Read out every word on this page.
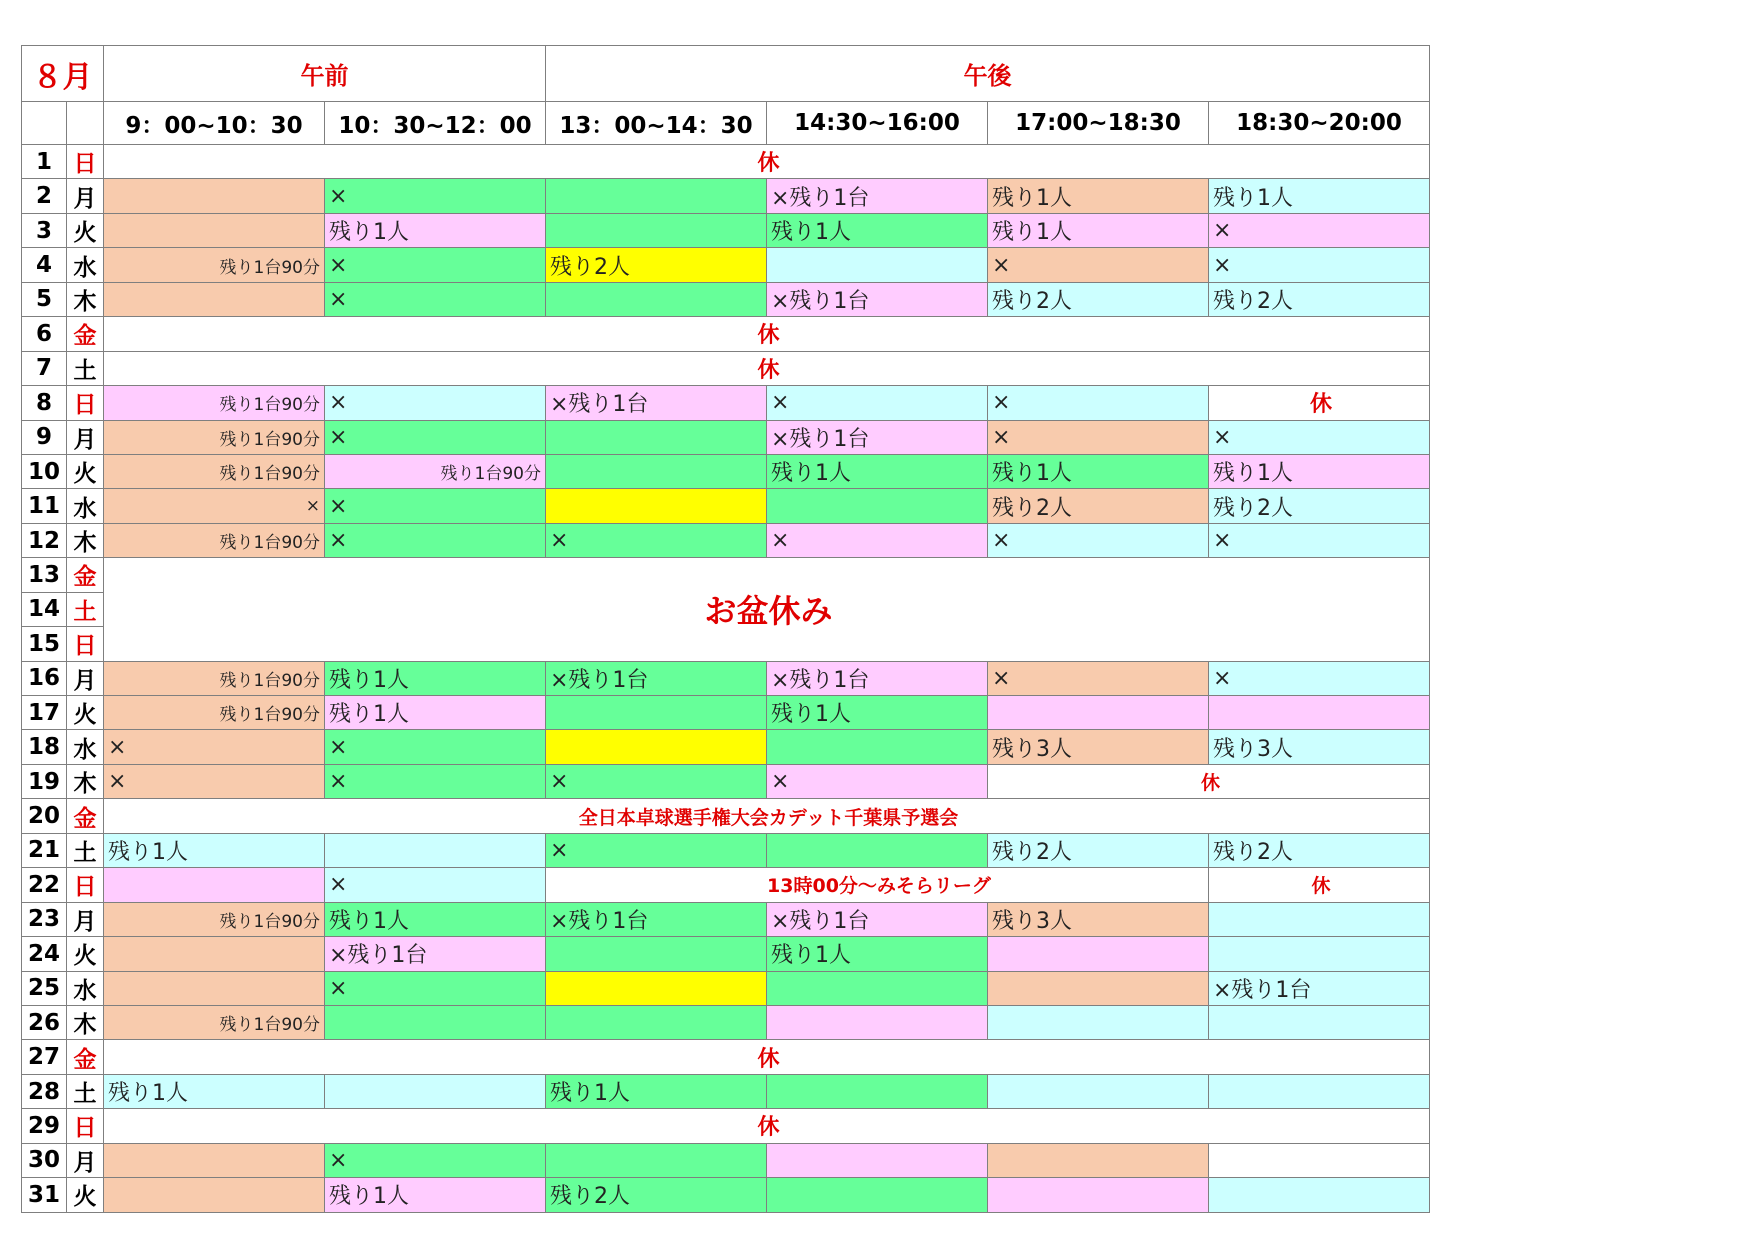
８月		午前		午後			
		9：00~10：30	10：30~12：00	13：00~14：30	14:30~16:00	17:00~18:30	18:30~20:00
1	日	休					
2	月		×		×残り1台	残り1人	残り1人
3	火		残り1人		残り1人	残り1人	×
4	水	残り1台90分	×	残り2人		×	×
5	木		×		×残り1台	残り2人	残り2人
6	金	休					
7	土	休					
8	日	残り1台90分	×	×残り1台	×	×	休
9	月	残り1台90分	×		×残り1台	×	×
10	火	残り1台90分	残り1台90分		残り1人	残り1人	残り1人
11	水	×	×			残り2人	残り2人
12	木	残り1台90分	×	×	×	×	×
13	金	お盆休み					
14	土						
15	日						
16	月	残り1台90分	残り1人	×残り1台	×残り1台	×	×
17	火	残り1台90分	残り1人		残り1人		
18	水	×	×			残り3人	残り3人
19	木	×	×	×	×	休	
20	金	全日本卓球選手権大会カデット千葉県予選会					
21	土	残り1人		×		残り2人	残り2人
22	日		×	13時00分～みそらリーグ			休
23	月	残り1台90分	残り1人	×残り1台	×残り1台	残り3人	
24	火		×残り1台		残り1人		
25	水		×				×残り1台
26	木	残り1台90分					
27	金	休					
28	土	残り1人		残り1人			
29	日	休					
30	月		×				
31	火		残り1人	残り2人			
